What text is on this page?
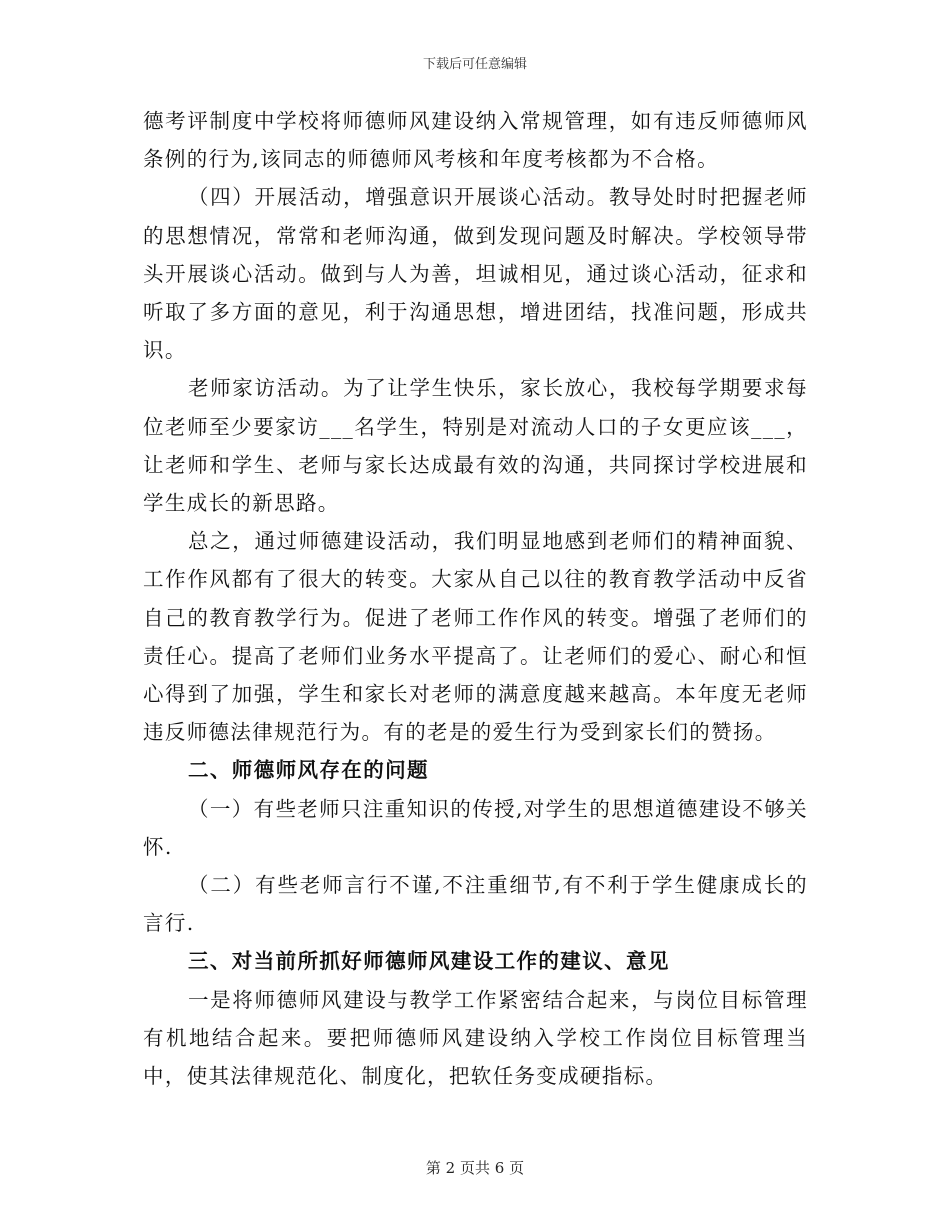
下载后可任意编辑

德考评制度中学校将师德师风建设纳入常规管理，如有违反师德师风条例的行为,该同志的师德师风考核和年度考核都为不合格。

（四）开展活动，增强意识开展谈心活动。教导处时时把握老师的思想情况，常常和老师沟通，做到发现问题及时解决。学校领导带头开展谈心活动。做到与人为善，坦诚相见，通过谈心活动，征求和听取了多方面的意见，利于沟通思想，增进团结，找准问题，形成共识。

老师家访活动。为了让学生快乐，家长放心，我校每学期要求每位老师至少要家访___名学生，特别是对流动人口的子女更应该___，让老师和学生、老师与家长达成最有效的沟通，共同探讨学校进展和学生成长的新思路。

总之，通过师德建设活动，我们明显地感到老师们的精神面貌、工作作风都有了很大的转变。大家从自己以往的教育教学活动中反省自己的教育教学行为。促进了老师工作作风的转变。增强了老师们的责任心。提高了老师们业务水平提高了。让老师们的爱心、耐心和恒心得到了加强，学生和家长对老师的满意度越来越高。本年度无老师违反师德法律规范行为。有的老是的爱生行为受到家长们的赞扬。

二、师德师风存在的问题

（一）有些老师只注重知识的传授,对学生的思想道德建设不够关怀.

（二）有些老师言行不谨,不注重细节,有不利于学生健康成长的言行.

三、对当前所抓好师德师风建设工作的建议、意见

一是将师德师风建设与教学工作紧密结合起来，与岗位目标管理有机地结合起来。要把师德师风建设纳入学校工作岗位目标管理当中，使其法律规范化、制度化，把软任务变成硬指标。

第 2 页共 6 页
